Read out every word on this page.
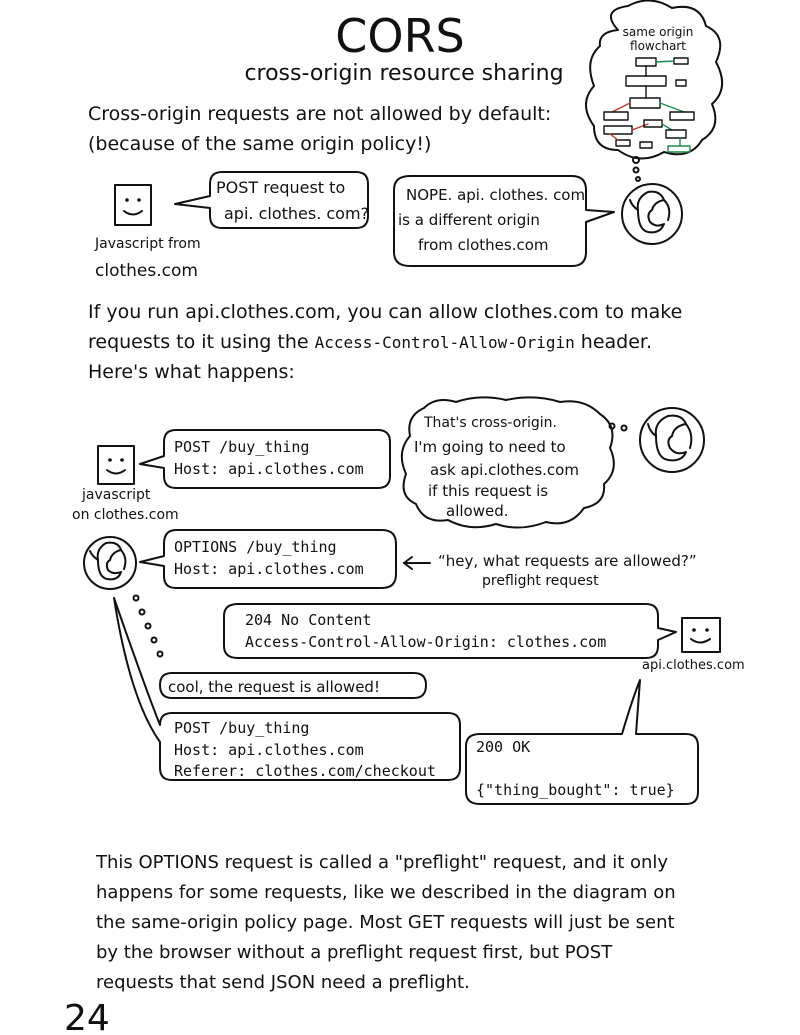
CORS
cross-origin resource sharing
same origin
flowchart
Cross-origin requests are not allowed by default:
(because of the same origin policy!)
Javascript from
clothes.com
POST request to
api. clothes. com?
NOPE. api. clothes. com
is a different origin
from clothes.com
If you run api.clothes.com, you can allow clothes.com to make
requests to it using the Access-Control-Allow-Origin header.
Here's what happens:
javascript
on clothes.com
POST /buy_thing
Host: api.clothes.com
That's cross-origin.
I'm going to need to
ask api.clothes.com
if this request is
allowed.
OPTIONS /buy_thing
Host: api.clothes.com	“hey, what requests are allowed?”
preflight request
204 No Content
Access-Control-Allow-Origin: clothes.com
api.clothes.com
cool, the request is allowed!
POST /buy_thing
Host: api.clothes.com
Referer: clothes.com/checkout
200 OK
{"thing_bought": true}
This OPTIONS request is called a "preflight" request, and it only
happens for some requests, like we described in the diagram on
the same-origin policy page. Most GET requests will just be sent
by the browser without a preflight request first, but POST
requests that send JSON need a preflight.
24
